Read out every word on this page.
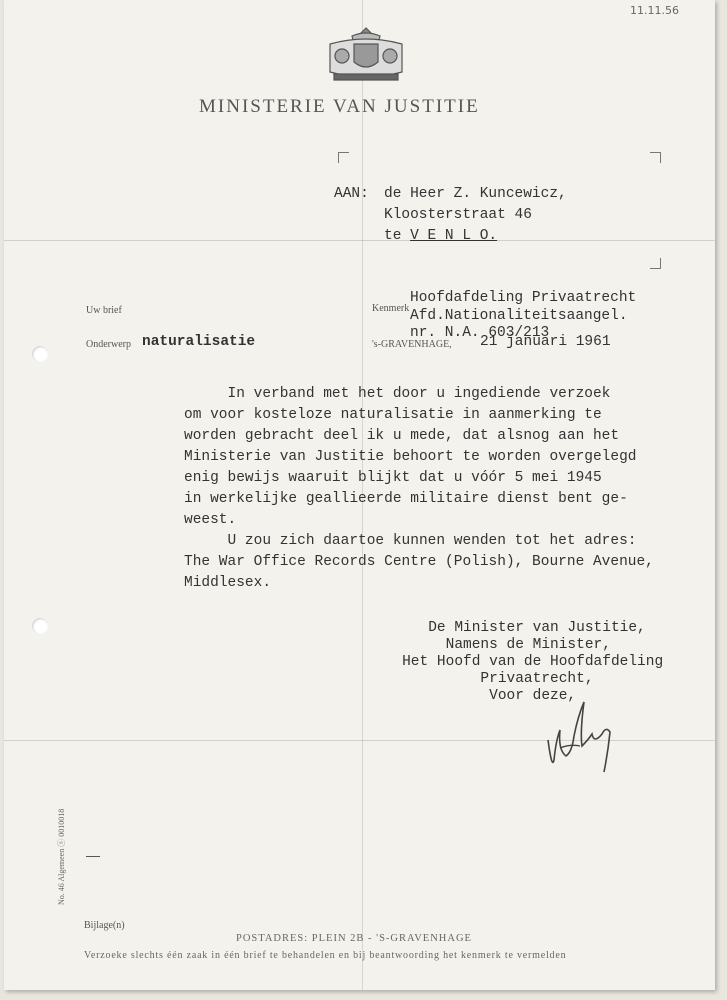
11.11.56
MINISTERIE VAN JUSTITIE
AAN: de Heer Z. Kuncewicz,
Kloosterstraat 46
te V E N L O.
Uw brief	Kenmerk
Hoofdafdeling Privaatrecht
Afd.Nationaliteitsaangel.
nr. N.A. 603/213
Onderwerp naturalisatie	's-GRAVENHAGE, 21 januari 1961
In verband met het door u ingediende verzoek
om voor kosteloze naturalisatie in aanmerking te
worden gebracht deel ik u mede, dat alsnog aan het
Ministerie van Justitie behoort te worden overgelegd
enig bewijs waaruit blijkt dat u vóór 5 mei 1945
in werkelijke geallieerde militaire dienst bent ge-
weest.
U zou zich daartoe kunnen wenden tot het adres:
The War Office Records Centre (Polish), Bourne Avenue,
Middlesex.
De Minister van Justitie,
Namens de Minister,
Het Hoofd van de Hoofdafdeling
Privaatrecht,
Voor deze,
No. 46 Algemeen ⓢ 0010018
Bijlage(n)
POSTADRES: PLEIN 2B - 'S-GRAVENHAGE
Verzoeke slechts één zaak in één brief te behandelen en bij beantwoording het kenmerk te vermelden
